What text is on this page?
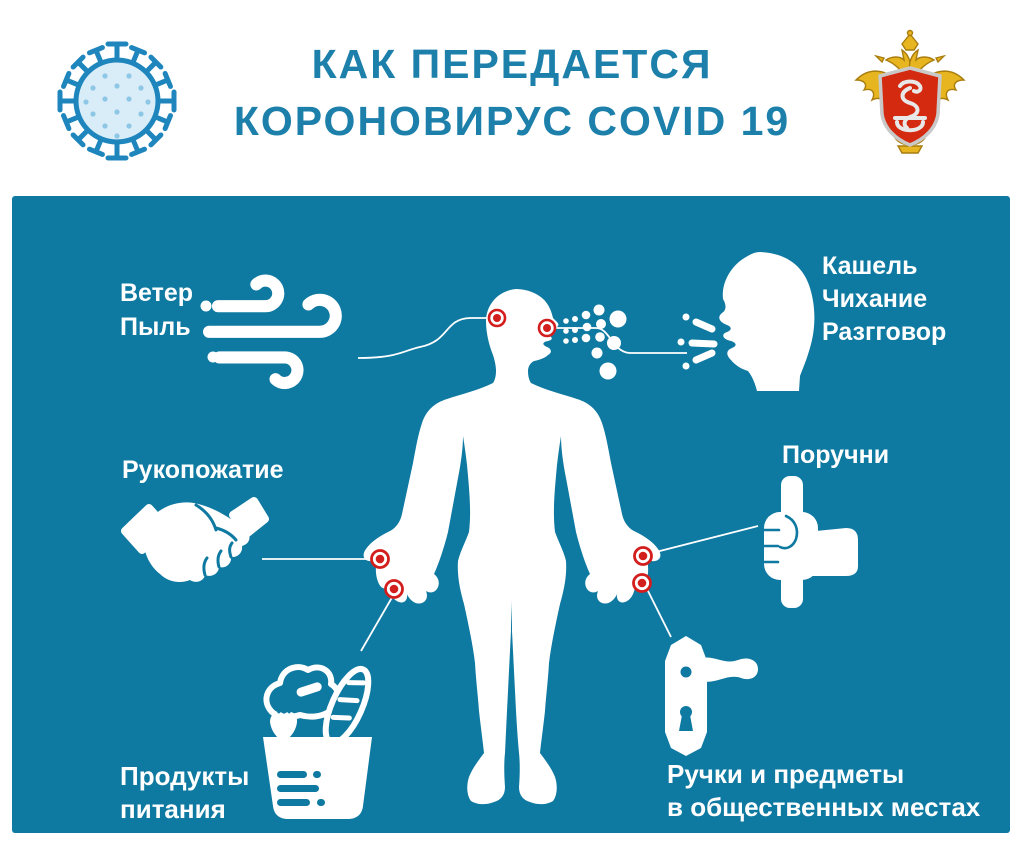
КАК ПЕРЕДАЕТСЯ
КОРОНОВИРУС COVID 19
Ветер
Пыль
Кашель
Чихание
Разгговор
Рукопожатие
Поручни
Продукты
питания
Ручки и предметы
в общественных местах
